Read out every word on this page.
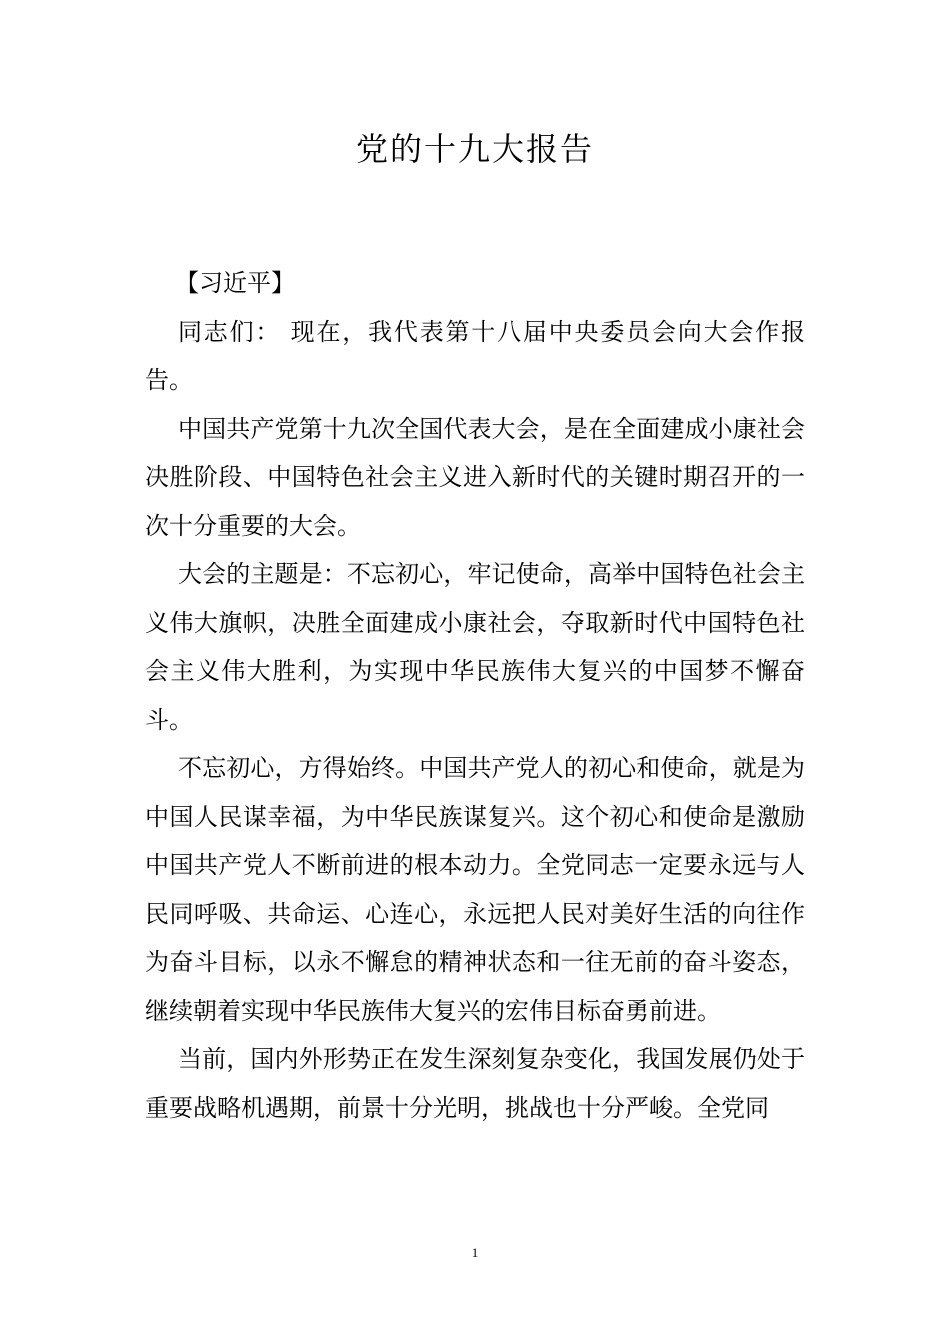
党的十九大报告

【习近平】

同志们： 现在，我代表第十八届中央委员会向大会作报告。

中国共产党第十九次全国代表大会，是在全面建成小康社会决胜阶段、中国特色社会主义进入新时代的关键时期召开的一次十分重要的大会。

大会的主题是：不忘初心，牢记使命，高举中国特色社会主义伟大旗帜，决胜全面建成小康社会，夺取新时代中国特色社会主义伟大胜利，为实现中华民族伟大复兴的中国梦不懈奋斗。

不忘初心，方得始终。中国共产党人的初心和使命，就是为中国人民谋幸福，为中华民族谋复兴。这个初心和使命是激励中国共产党人不断前进的根本动力。全党同志一定要永远与人民同呼吸、共命运、心连心，永远把人民对美好生活的向往作为奋斗目标，以永不懈怠的精神状态和一往无前的奋斗姿态，继续朝着实现中华民族伟大复兴的宏伟目标奋勇前进。

当前，国内外形势正在发生深刻复杂变化，我国发展仍处于重要战略机遇期，前景十分光明，挑战也十分严峻。全党同

1
